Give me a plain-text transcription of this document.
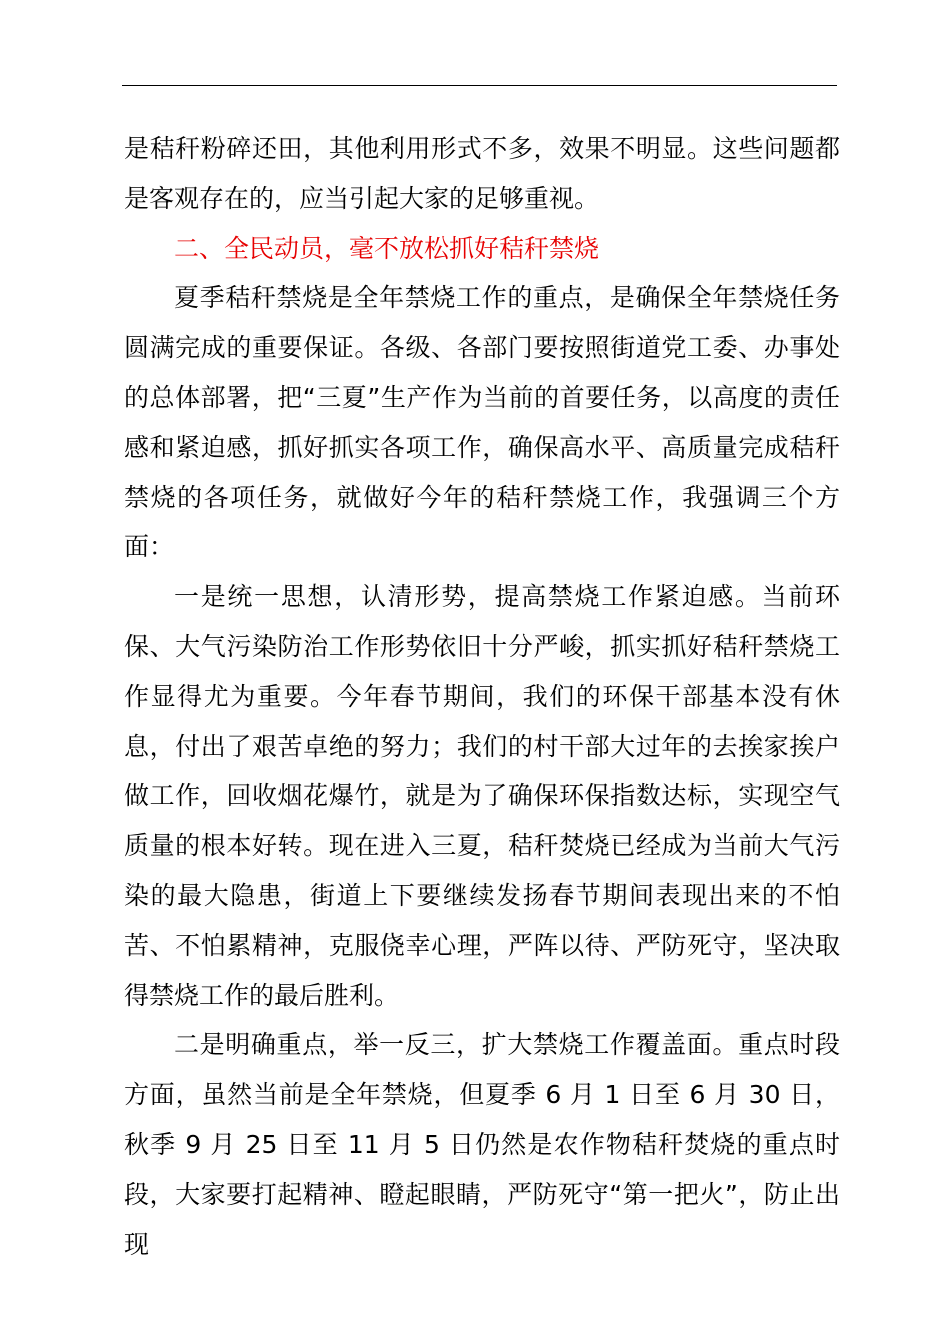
是秸秆粉碎还田，其他利用形式不多，效果不明显。这些问题都是客观存在的，应当引起大家的足够重视。

二、全民动员，毫不放松抓好秸秆禁烧

夏季秸秆禁烧是全年禁烧工作的重点，是确保全年禁烧任务圆满完成的重要保证。各级、各部门要按照街道党工委、办事处的总体部署，把“三夏”生产作为当前的首要任务，以高度的责任感和紧迫感，抓好抓实各项工作，确保高水平、高质量完成秸秆禁烧的各项任务，就做好今年的秸秆禁烧工作，我强调三个方面：

一是统一思想，认清形势，提高禁烧工作紧迫感。当前环保、大气污染防治工作形势依旧十分严峻，抓实抓好秸秆禁烧工作显得尤为重要。今年春节期间，我们的环保干部基本没有休息，付出了艰苦卓绝的努力；我们的村干部大过年的去挨家挨户做工作，回收烟花爆竹，就是为了确保环保指数达标，实现空气质量的根本好转。现在进入三夏，秸秆焚烧已经成为当前大气污染的最大隐患，街道上下要继续发扬春节期间表现出来的不怕苦、不怕累精神，克服侥幸心理，严阵以待、严防死守，坚决取得禁烧工作的最后胜利。

二是明确重点，举一反三，扩大禁烧工作覆盖面。重点时段方面，虽然当前是全年禁烧，但夏季 6 月 1 日至 6 月 30 日，秋季 9 月 25 日至 11 月 5 日仍然是农作物秸秆焚烧的重点时段，大家要打起精神、瞪起眼睛，严防死守“第一把火”，防止出现
